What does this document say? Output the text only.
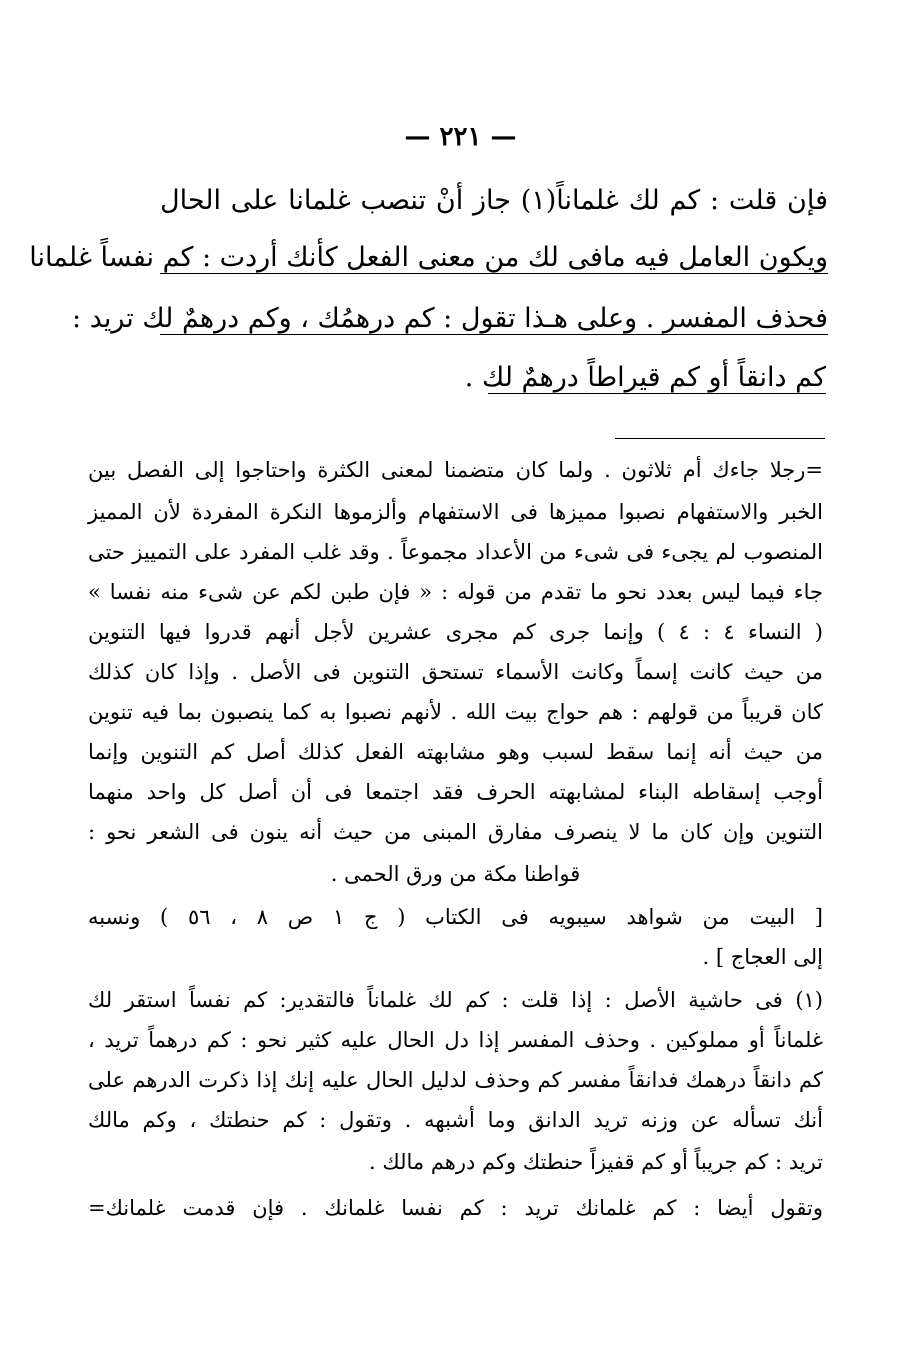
— ٢٢١ —
فإن قلت : كم لك غلماناً(١) جاز أنْ تنصب غلمانا على الحال
ويكون العامل فيه مافى لك من معنى الفعل كأنك أردت : كم نفساً غلمانا
فحذف المفسر . وعلى هـذا تقول : كم درهمُك ، وكم درهمٌ لك تريد :
كم دانقاً أو كم قيراطاً درهمٌ لك .
=رجلا جاءك أم ثلاثون . ولما كان متضمنا لمعنى الكثرة واحتاجوا إلى الفصل بين
الخبر والاستفهام نصبوا مميزها فى الاستفهام وألزموها النكرة المفردة لأن المميز
المنصوب لم يجىء فى شىء من الأعداد مجموعاً . وقد غلب المفرد على التمييز حتى
جاء فيما ليس بعدد نحو ما تقدم من قوله : « فإن طبن لكم عن شىء منه نفسا »
( النساء ٤ : ٤ ) وإنما جرى كم مجرى عشرين لأجل أنهم قدروا فيها التنوين
من حيث كانت إسماً وكانت الأسماء تستحق التنوين فى الأصل . وإذا كان كذلك
كان قريباً من قولهم : هم حواج بيت الله . لأنهم نصبوا به كما ينصبون بما فيه تنوين
من حيث أنه إنما سقط لسبب وهو مشابهته الفعل كذلك أصل كم التنوين وإنما
أوجب إسقاطه البناء لمشابهته الحرف فقد اجتمعا فى أن أصل كل واحد منهما
التنوين وإن كان ما لا ينصرف مفارق المبنى من حيث أنه ينون فى الشعر نحو :
قواطنا مكة من ورق الحمى .
[ البيت من شواهد سيبويه فى الكتاب ( ج ١ ص ٨ ، ٥٦ ) ونسبه
إلى العجاج ] .
(١) فى حاشية الأصل : إذا قلت : كم لك غلماناً فالتقدير: كم نفساً استقر لك
غلماناً أو مملوكين . وحذف المفسر إذا دل الحال عليه كثير نحو : كم درهماً تريد ،
كم دانقاً درهمك فدانقاً مفسر كم وحذف لدليل الحال عليه إنك إذا ذكرت الدرهم على
أنك تسأله عن وزنه تريد الدانق وما أشبهه . وتقول : كم حنطتك ، وكم مالك
تريد : كم جريباً أو كم قفيزاً حنطتك وكم درهم مالك .
وتقول أيضا : كم غلمانك تريد : كم نفسا غلمانك . فإن قدمت غلمانك=
